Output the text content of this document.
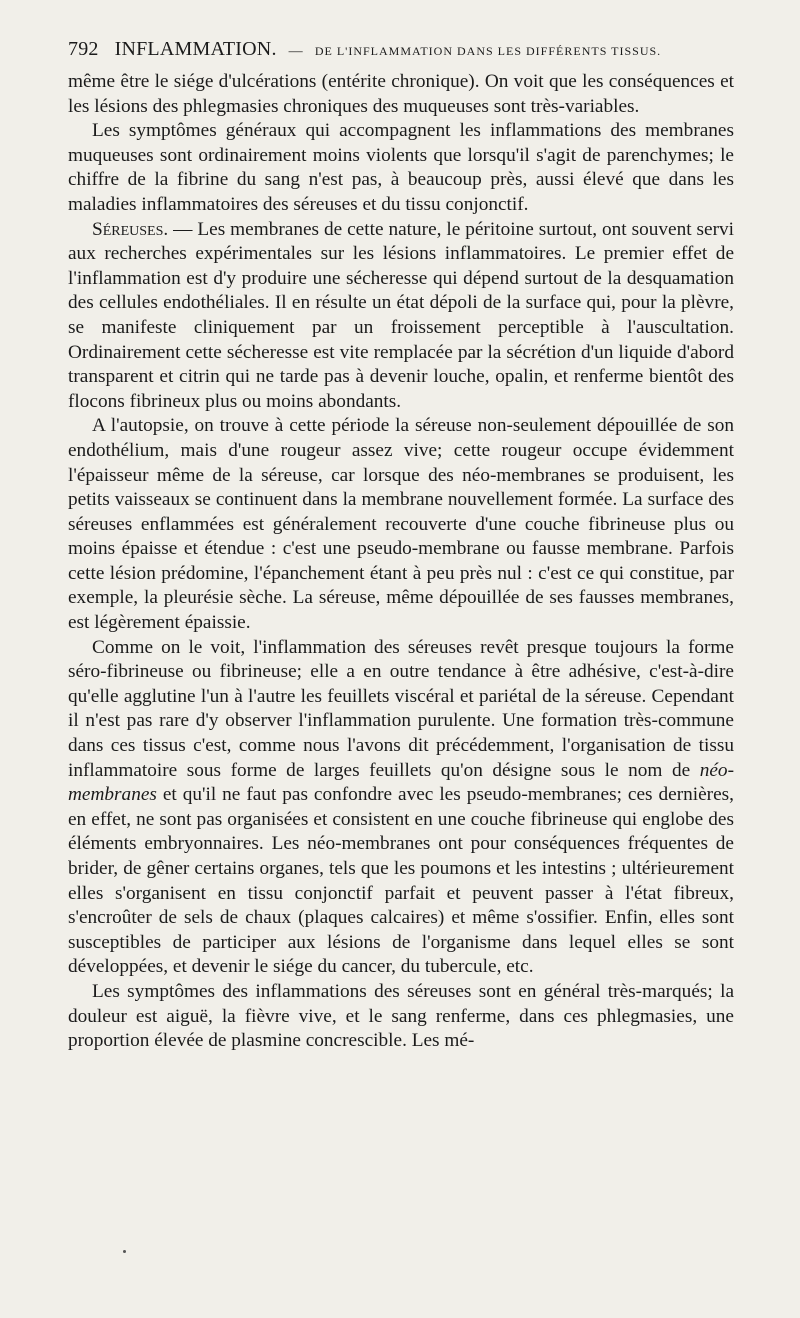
792 INFLAMMATION. — DE L'INFLAMMATION DANS LES DIFFÉRENTS TISSUS.

même être le siége d'ulcérations (entérite chronique). On voit que les conséquences et les lésions des phlegmasies chroniques des muqueuses sont très-variables.

Les symptômes généraux qui accompagnent les inflammations des membranes muqueuses sont ordinairement moins violents que lorsqu'il s'agit de parenchymes; le chiffre de la fibrine du sang n'est pas, à beaucoup près, aussi élevé que dans les maladies inflammatoires des séreuses et du tissu conjonctif.

Séreuses. — Les membranes de cette nature, le péritoine surtout, ont souvent servi aux recherches expérimentales sur les lésions inflammatoires. Le premier effet de l'inflammation est d'y produire une sécheresse qui dépend surtout de la desquamation des cellules endothéliales. Il en résulte un état dépoli de la surface qui, pour la plèvre, se manifeste cliniquement par un froissement perceptible à l'auscultation. Ordinairement cette sécheresse est vite remplacée par la sécrétion d'un liquide d'abord transparent et citrin qui ne tarde pas à devenir louche, opalin, et renferme bientôt des flocons fibrineux plus ou moins abondants.

A l'autopsie, on trouve à cette période la séreuse non-seulement dépouillée de son endothélium, mais d'une rougeur assez vive; cette rougeur occupe évidemment l'épaisseur même de la séreuse, car lorsque des néo-membranes se produisent, les petits vaisseaux se continuent dans la membrane nouvellement formée. La surface des séreuses enflammées est généralement recouverte d'une couche fibrineuse plus ou moins épaisse et étendue : c'est une pseudo-membrane ou fausse membrane. Parfois cette lésion prédomine, l'épanchement étant à peu près nul : c'est ce qui constitue, par exemple, la pleurésie sèche. La séreuse, même dépouillée de ses fausses membranes, est légèrement épaissie.

Comme on le voit, l'inflammation des séreuses revêt presque toujours la forme séro-fibrineuse ou fibrineuse; elle a en outre tendance à être adhésive, c'est-à-dire qu'elle agglutine l'un à l'autre les feuillets viscéral et pariétal de la séreuse. Cependant il n'est pas rare d'y observer l'inflammation purulente. Une formation très-commune dans ces tissus c'est, comme nous l'avons dit précédemment, l'organisation de tissu inflammatoire sous forme de larges feuillets qu'on désigne sous le nom de néo-membranes et qu'il ne faut pas confondre avec les pseudo-membranes; ces dernières, en effet, ne sont pas organisées et consistent en une couche fibrineuse qui englobe des éléments embryonnaires. Les néo-membranes ont pour conséquences fréquentes de brider, de gêner certains organes, tels que les poumons et les intestins ; ultérieurement elles s'organisent en tissu conjonctif parfait et peuvent passer à l'état fibreux, s'encroûter de sels de chaux (plaques calcaires) et même s'ossifier. Enfin, elles sont susceptibles de participer aux lésions de l'organisme dans lequel elles se sont développées, et devenir le siége du cancer, du tubercule, etc.

Les symptômes des inflammations des séreuses sont en général très-marqués; la douleur est aiguë, la fièvre vive, et le sang renferme, dans ces phlegmasies, une proportion élevée de plasmine concrescible. Les mé-
